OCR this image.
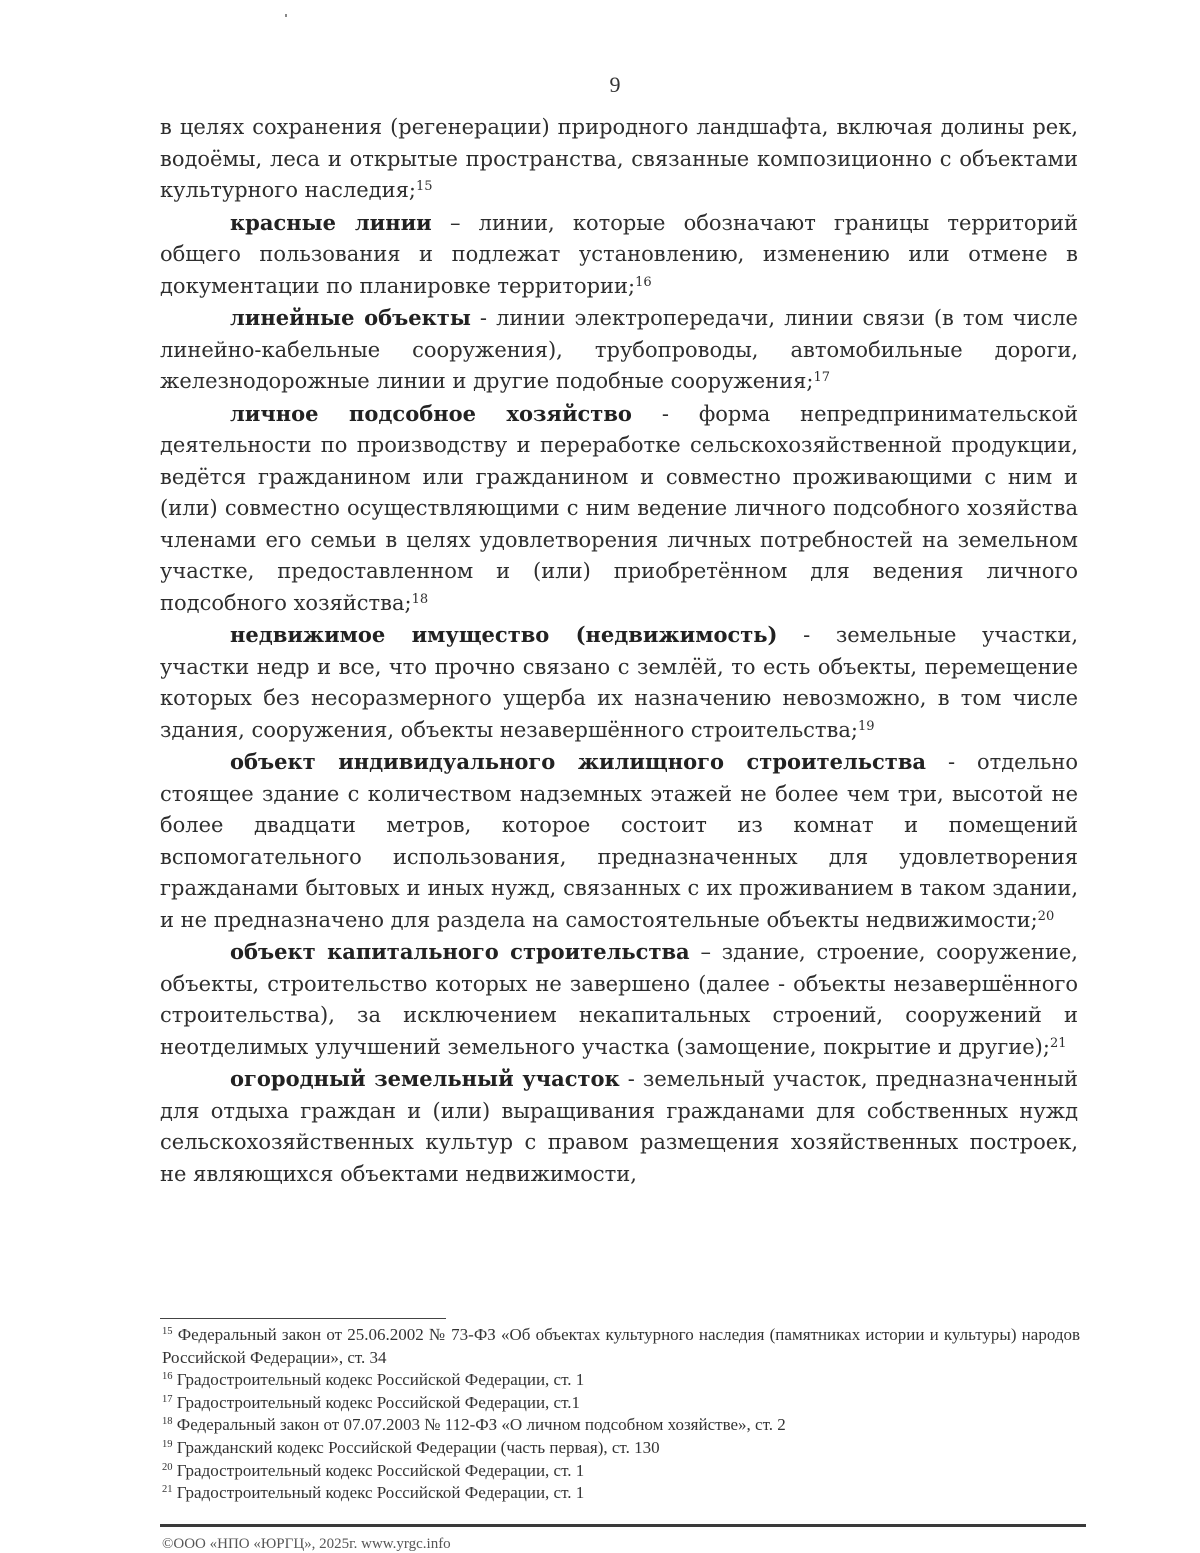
9

в целях сохранения (регенерации) природного ландшафта, включая долины рек, водоёмы, леса и открытые пространства, связанные композиционно с объектами культурного наследия;$^{15}$

красные линии – линии, которые обозначают границы территорий общего пользования и подлежат установлению, изменению или отмене в документации по планировке территории;$^{16}$

линейные объекты - линии электропередачи, линии связи (в том числе линейно-кабельные сооружения), трубопроводы, автомобильные дороги, железнодорожные линии и другие подобные сооружения;$^{17}$

личное подсобное хозяйство - форма непредпринимательской деятельности по производству и переработке сельскохозяйственной продукции, ведётся гражданином или гражданином и совместно проживающими с ним и (или) совместно осуществляющими с ним ведение личного подсобного хозяйства членами его семьи в целях удовлетворения личных потребностей на земельном участке, предоставленном и (или) приобретённом для ведения личного подсобного хозяйства;$^{18}$

недвижимое имущество (недвижимость) - земельные участки, участки недр и все, что прочно связано с землёй, то есть объекты, перемещение которых без несоразмерного ущерба их назначению невозможно, в том числе здания, сооружения, объекты незавершённого строительства;$^{19}$

объект индивидуального жилищного строительства - отдельно стоящее здание с количеством надземных этажей не более чем три, высотой не более двадцати метров, которое состоит из комнат и помещений вспомогательного использования, предназначенных для удовлетворения гражданами бытовых и иных нужд, связанных с их проживанием в таком здании, и не предназначено для раздела на самостоятельные объекты недвижимости;$^{20}$

объект капитального строительства – здание, строение, сооружение, объекты, строительство которых не завершено (далее - объекты незавершённого строительства), за исключением некапитальных строений, сооружений и неотделимых улучшений земельного участка (замощение, покрытие и другие);$^{21}$

огородный земельный участок - земельный участок, предназначенный для отдыха граждан и (или) выращивания гражданами для собственных нужд сельскохозяйственных культур с правом размещения хозяйственных построек, не являющихся объектами недвижимости,

$^{15}$ Федеральный закон от 25.06.2002 № 73-ФЗ «Об объектах культурного наследия (памятниках истории и культуры) народов Российской Федерации», ст. 34

$^{16}$ Градостроительный кодекс Российской Федерации, ст. 1

$^{17}$ Градостроительный кодекс Российской Федерации, ст.1

$^{18}$ Федеральный закон от 07.07.2003 № 112-ФЗ «О личном подсобном хозяйстве», ст. 2

$^{19}$ Гражданский кодекс Российской Федерации (часть первая), ст. 130

$^{20}$ Градостроительный кодекс Российской Федерации, ст. 1

$^{21}$ Градостроительный кодекс Российской Федерации, ст. 1

©ООО «НПО «ЮРГЦ», 2025г. www.yrgc.info
